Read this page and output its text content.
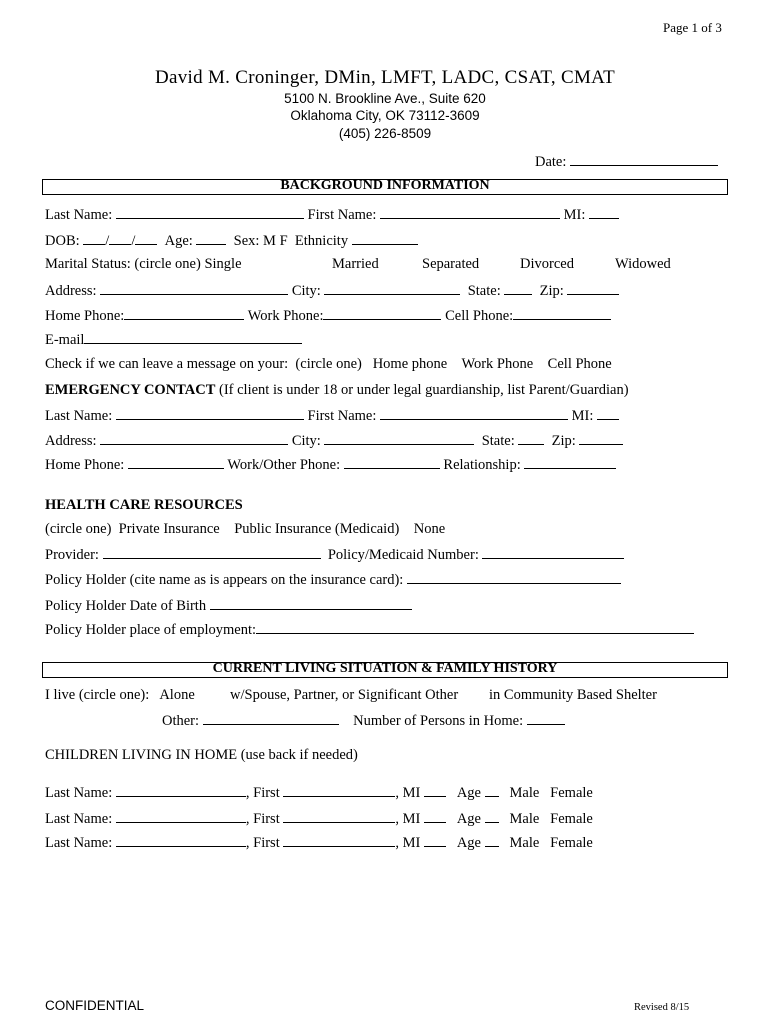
Page 1 of 3
David M. Croninger, DMin, LMFT, LADC, CSAT, CMAT
5100 N. Brookline Ave., Suite 620
Oklahoma City, OK 73112-3609
(405) 226-8509
Date:
BACKGROUND INFORMATION
Last Name:	First Name:	MI:
DOB: / / Age:	Sex: M F Ethnicity
Marital Status: (circle one) Single	Married	Separated	Divorced	Widowed
Address:	City:	State:	Zip:
Home Phone:	Work Phone:	Cell Phone:
E-mail
Check if we can leave a message on your:  (circle one)   Home phone    Work Phone    Cell Phone
EMERGENCY CONTACT (If client is under 18 or under legal guardianship, list Parent/Guardian)
Last Name:	First Name:	MI:
Address:	City:	State:	Zip:
Home Phone:	Work/Other Phone:	Relationship:
HEALTH CARE RESOURCES
(circle one)  Private Insurance    Public Insurance (Medicaid)    None
Provider:	Policy/Medicaid Number:
Policy Holder (cite name as is appears on the insurance card):
Policy Holder Date of Birth
Policy Holder place of employment:
CURRENT LIVING SITUATION & FAMILY HISTORY
I live (circle one):   Alone w/Spouse, Partner, or Significant Other in Community Based Shelter
Other:	Number of Persons in Home:
CHILDREN LIVING IN HOME (use back if needed)
Last Name:	, First	, MI	Age Male   Female
Last Name:	, First	, MI	Age Male   Female
Last Name:	, First	, MI	Age Male   Female
CONFIDENTIAL	Revised 8/15
